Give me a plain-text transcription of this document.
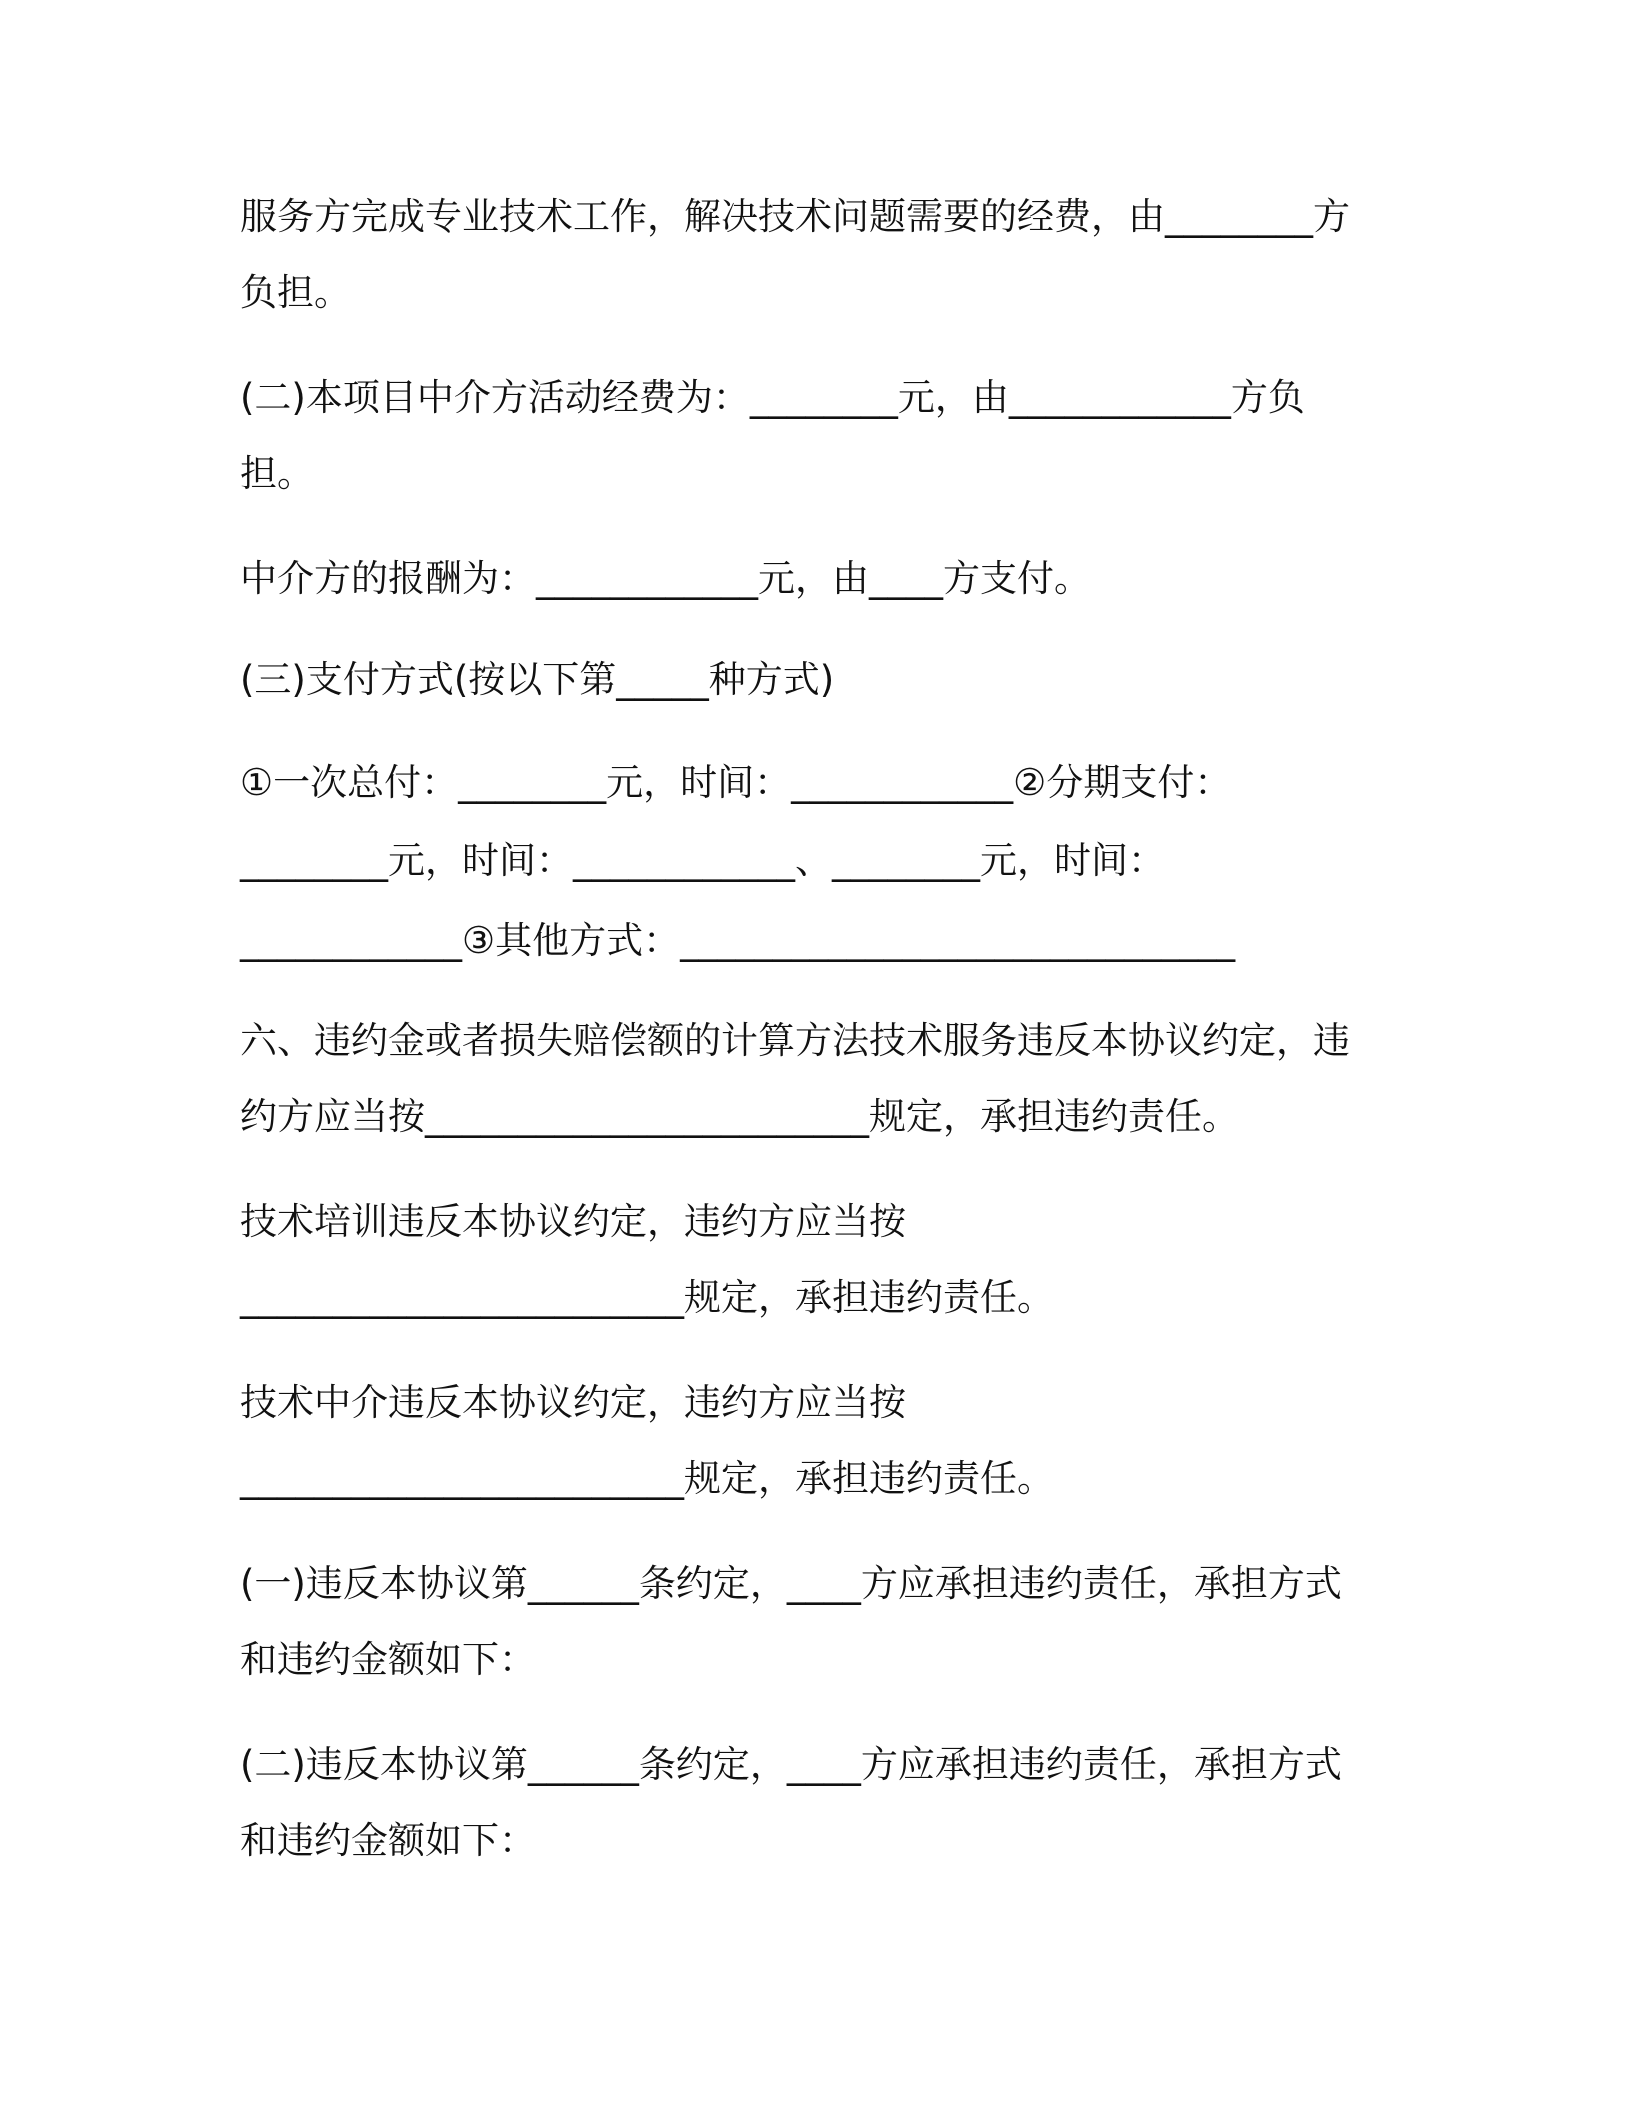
服务方完成专业技术工作，解决技术问题需要的经费，由________方
负担。
(二)本项目中介方活动经费为：________元，由____________方负
担。
中介方的报酬为：____________元，由____方支付。
(三)支付方式(按以下第_____种方式)
①一次总付：________元，时间：____________②分期支付：
________元，时间：____________、________元，时间：
____________③其他方式：______________________________
六、违约金或者损失赔偿额的计算方法技术服务违反本协议约定，违
约方应当按________________________规定，承担违约责任。
技术培训违反本协议约定，违约方应当按
________________________规定，承担违约责任。
技术中介违反本协议约定，违约方应当按
________________________规定，承担违约责任。
(一)违反本协议第______条约定，____方应承担违约责任，承担方式
和违约金额如下：
(二)违反本协议第______条约定，____方应承担违约责任，承担方式
和违约金额如下：
